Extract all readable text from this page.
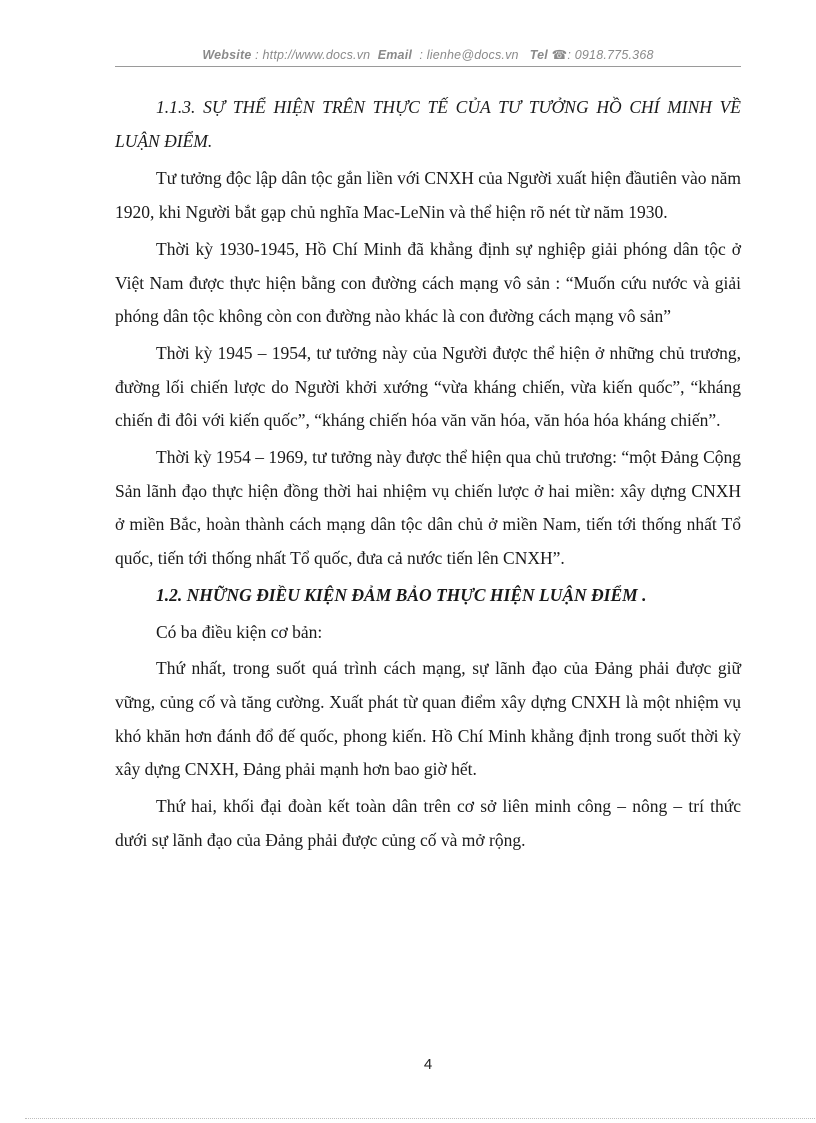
Website : http://www.docs.vn Email : lienhe@docs.vn Tel ☎: 0918.775.368

1.1.3. SỰ THỂ HIỆN TRÊN THỰC TẾ CỦA TƯ TƯỞNG HỒ CHÍ MINH VỀ LUẬN ĐIỂM.

Tư tưởng độc lập dân tộc gắn liền với CNXH của Người xuất hiện đầutiên vào năm 1920, khi Người bắt gạp chủ nghĩa Mac-LeNin và thể hiện rõ nét từ năm 1930.

Thời kỳ 1930-1945, Hồ Chí Minh đã khẳng định sự nghiệp giải phóng dân tộc ở Việt Nam được thực hiện bằng con đường cách mạng vô sản : “Muốn cứu nước và giải phóng dân tộc không còn con đường nào khác là con đường cách mạng vô sản”

Thời kỳ 1945 – 1954, tư tưởng này của Người được thể hiện ở những chủ trương, đường lối chiến lược do Người khởi xướng “vừa kháng chiến, vừa kiến quốc”, “kháng chiến đi đôi với kiến quốc”, “kháng chiến hóa văn văn hóa, văn hóa hóa kháng chiến”.

Thời kỳ 1954 – 1969, tư tưởng này được thể hiện qua chủ trương: “một Đảng Cộng Sản lãnh đạo thực hiện đồng thời hai nhiệm vụ chiến lược ở hai miền: xây dựng CNXH ở miền Bắc, hoàn thành cách mạng dân tộc dân chủ ở miền Nam, tiến tới thống nhất Tổ quốc, tiến tới thống nhất Tổ quốc, đưa cả nước tiến lên CNXH”.

1.2. NHỮNG ĐIỀU KIỆN ĐẢM BẢO THỰC HIỆN LUẬN ĐIỂM .

Có ba điều kiện cơ bản:

Thứ nhất, trong suốt quá trình cách mạng, sự lãnh đạo của Đảng phải được giữ vững, củng cố và tăng cường. Xuất phát từ quan điểm xây dựng CNXH là một nhiệm vụ khó khăn hơn đánh đổ đế quốc, phong kiến. Hồ Chí Minh khẳng định trong suốt thời kỳ xây dựng CNXH, Đảng phải mạnh hơn bao giờ hết.

Thứ hai, khối đại đoàn kết toàn dân trên cơ sở liên minh công – nông – trí thức dưới sự lãnh đạo của Đảng phải được củng cố và mở rộng.

4
